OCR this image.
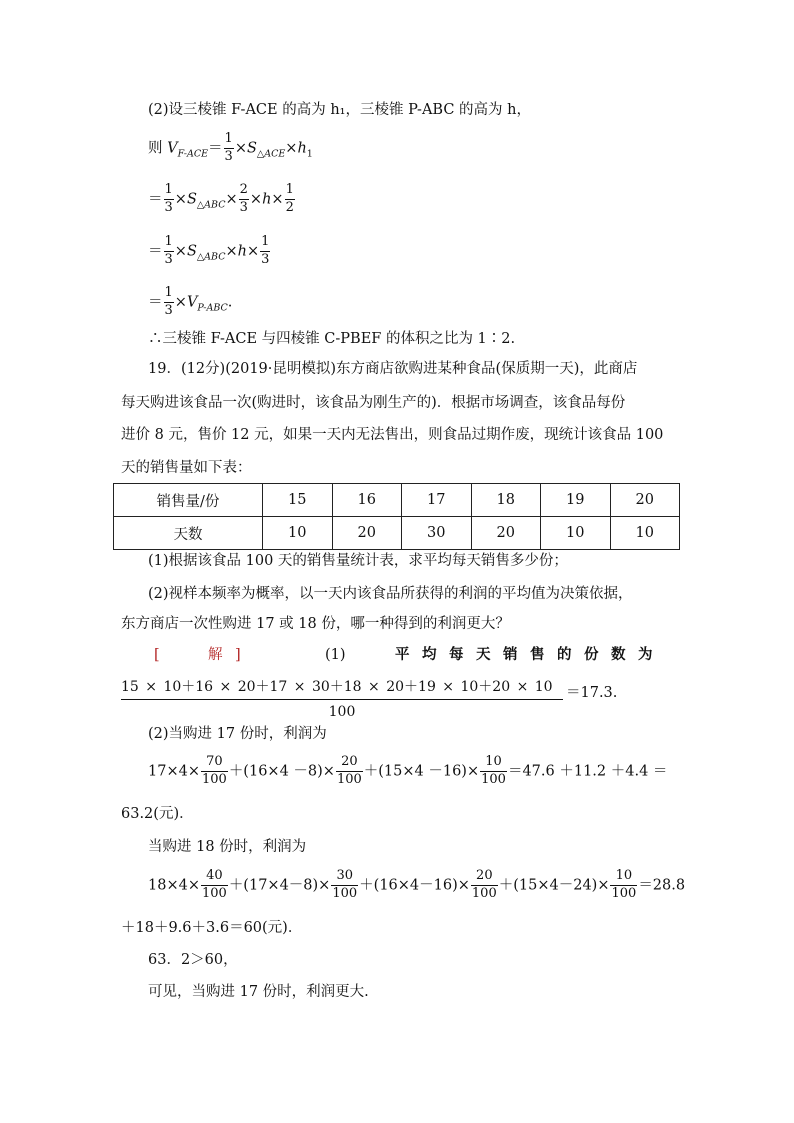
(2)设三棱锥 F-ACE 的高为 h₁，三棱锥 P-ABC 的高为 h，
则 $V_{F-ACE}= \frac{1}{3} \times S_{\triangle ACE}\times h_1$
＝ $\frac{1}{3} \times S_{\triangle ABC}\times \frac{2}{3} \times h\times \frac{1}{2}$
＝ $\frac{1}{3} \times S_{\triangle ABC}\times h\times \frac{1}{3}$
＝ $\frac{1}{3} \times V_{P-ABC}$.
∴三棱锥 F-ACE 与四棱锥 C-PBEF 的体积之比为 1∶2.
19．(12分)(2019·昆明模拟)东方商店欲购进某种食品(保质期一天)，此商店
每天购进该食品一次(购进时，该食品为刚生产的)．根据市场调查，该食品每份
进价 8 元，售价 12 元，如果一天内无法售出，则食品过期作废，现统计该食品 100
天的销售量如下表：
销售量/份	15	16	17	18	19	20
天数	10	20	30	20	10	10
(1)根据该食品 100 天的销售量统计表，求平均每天销售多少份；
(2)视样本频率为概率，以一天内该食品所获得的利润的平均值为决策依据，
东方商店一次性购进 17 或 18 份，哪一种得到的利润更大？
[	解 ]	(1)	平均每天销售的份数为
$\frac{15 \times 10+16 \times 20+17 \times 30+18 \times 20+19 \times 10+20 \times 10}{100} =17.3$.
(2)当购进 17 份时，利润为
$17\times 4\times \frac{70}{100} +(16\times 4 -8)\times \frac{20}{100} +(15\times 4 -16)\times \frac{10}{100} =47.6 +11.2 +4.4$ ＝
63.2(元)．
当购进 18 份时，利润为
$18\times 4\times \frac{40}{100} +(17\times 4-8)\times \frac{30}{100} +(16\times 4-16)\times \frac{20}{100} +(15\times 4-24)\times \frac{10}{100} =28.8$
＋18＋9.6＋3.6＝60(元)．
63．2＞60，
可见，当购进 17 份时，利润更大.
